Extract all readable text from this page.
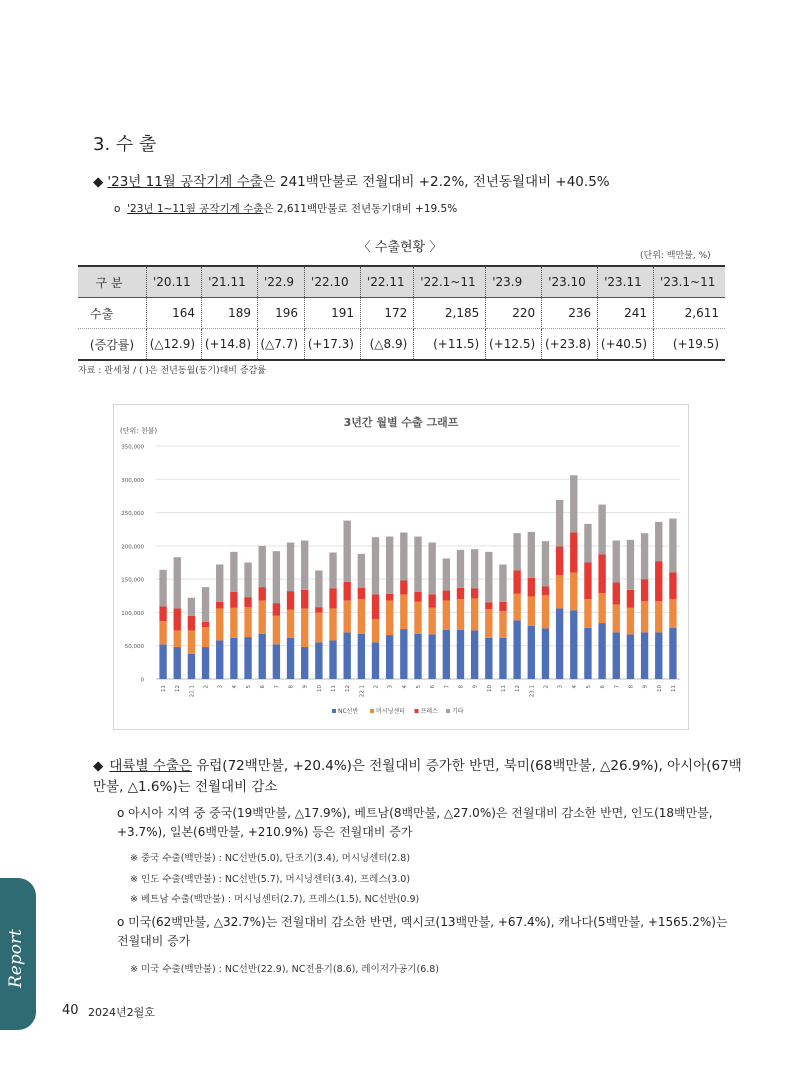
3. 수 출
◆ '23년 11월 공작기계 수출은 241백만불로 전월대비 +2.2%, 전년동월대비 +40.5%
o '23년 1~11월 공작기계 수출은 2,611백만불로 전년동기대비 +19.5%
〈 수출현황 〉
(단위: 백만불, %)
구 분	'20.11	'21.11	'22.9	'22.10	'22.11	'22.1~11	'23.9	'23.10	'23.11	'23.1~11
수출	164	189	196	191	172	2,185	220	236	241	2,611
(증감률)	(△12.9)	(+14.8)	(△7.7)	(+17.3)	(△8.9)	(+11.5)	(+12.5)	(+23.8)	(+40.5)	(+19.5)
자료 : 관세청 / ( )은 전년동월(동기)대비 증감률
3년간 월별 수출 그래프
(단위: 천불)
0
50,000
100,000
150,000
200,000
250,000
300,000
350,000
11 12 21.1 2 3 4 5 6 7 8 9 10 11 12 22.1 2 3 4 5 6 7 8 9 10 11 12 23.1 2 3 4 5 6 7 8 9 10 11
NC선반	머시닝센터	프레스 기타
◆ 대륙별 수출은 유럽(72백만불, +20.4%)은 전월대비 증가한 반면, 북미(68백만불, △26.9%), 아시아(67백만불, △1.6%)는 전월대비 감소
o 아시아 지역 중 중국(19백만불, △17.9%), 베트남(8백만불, △27.0%)은 전월대비 감소한 반면, 인도(18백만불, +3.7%), 일본(6백만불, +210.9%) 등은 전월대비 증가
※ 중국 수출(백만불) : NC선반(5.0), 단조기(3.4), 머시닝센터(2.8)
※ 인도 수출(백만불) : NC선반(5.7), 머시닝센터(3.4), 프레스(3.0)
※ 베트남 수출(백만불) : 머시닝센터(2.7), 프레스(1.5), NC선반(0.9)
o 미국(62백만불, △32.7%)는 전월대비 감소한 반면, 멕시코(13백만불, +67.4%), 캐나다(5백만불, +1565.2%)는 전월대비 증가
※ 미국 수출(백만불) : NC선반(22.9), NC전용기(8.6), 레이저가공기(6.8)
Report
40 2024년2월호
